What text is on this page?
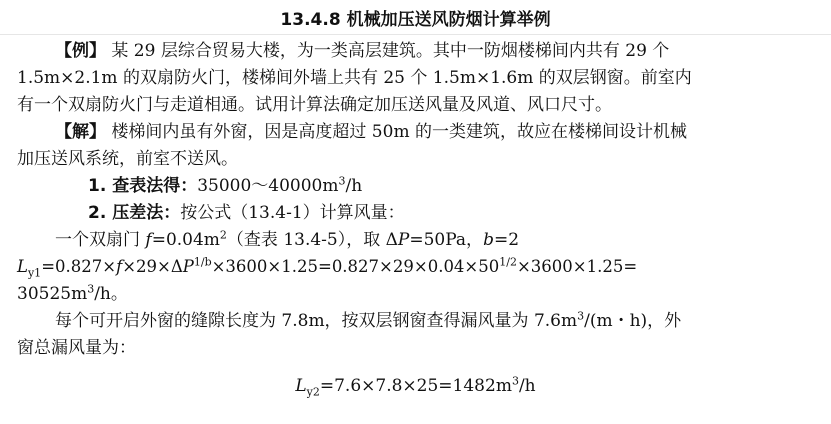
13.4.8 机械加压送风防烟计算举例
【例】 某 29 层综合贸易大楼，为一类高层建筑。其中一防烟楼梯间内共有 29 个
1.5m×2.1m 的双扇防火门，楼梯间外墙上共有 25 个 1.5m×1.6m 的双层钢窗。前室内
有一个双扇防火门与走道相通。试用计算法确定加压送风量及风道、风口尺寸。
【解】 楼梯间内虽有外窗，因是高度超过 50m 的一类建筑，故应在楼梯间设计机械
加压送风系统，前室不送风。
1. 查表法得：$35000\sim 40000m^3/h$
2. 压差法：按公式（13.4-1）计算风量：
一个双扇门 $f=0.04m^2$（查表 13.4-5），取 ΔP=50Pa，b=2
$L_{y1}=0.827\times f\times 29\times\Delta P^{1/b}\times 3600\times 1.25=0.827\times 29\times 0.04\times 50^{1/2}\times 3600\times 1.25=$
$30525m^3/h$。
每个可开启外窗的缝隙长度为 7.8m，按双层钢窗查得漏风量为 $7.6m^3/(m$・h)，外
窗总漏风量为：
$L_{y2}=7.6\times 7.8\times 25=1482m^3/h$
